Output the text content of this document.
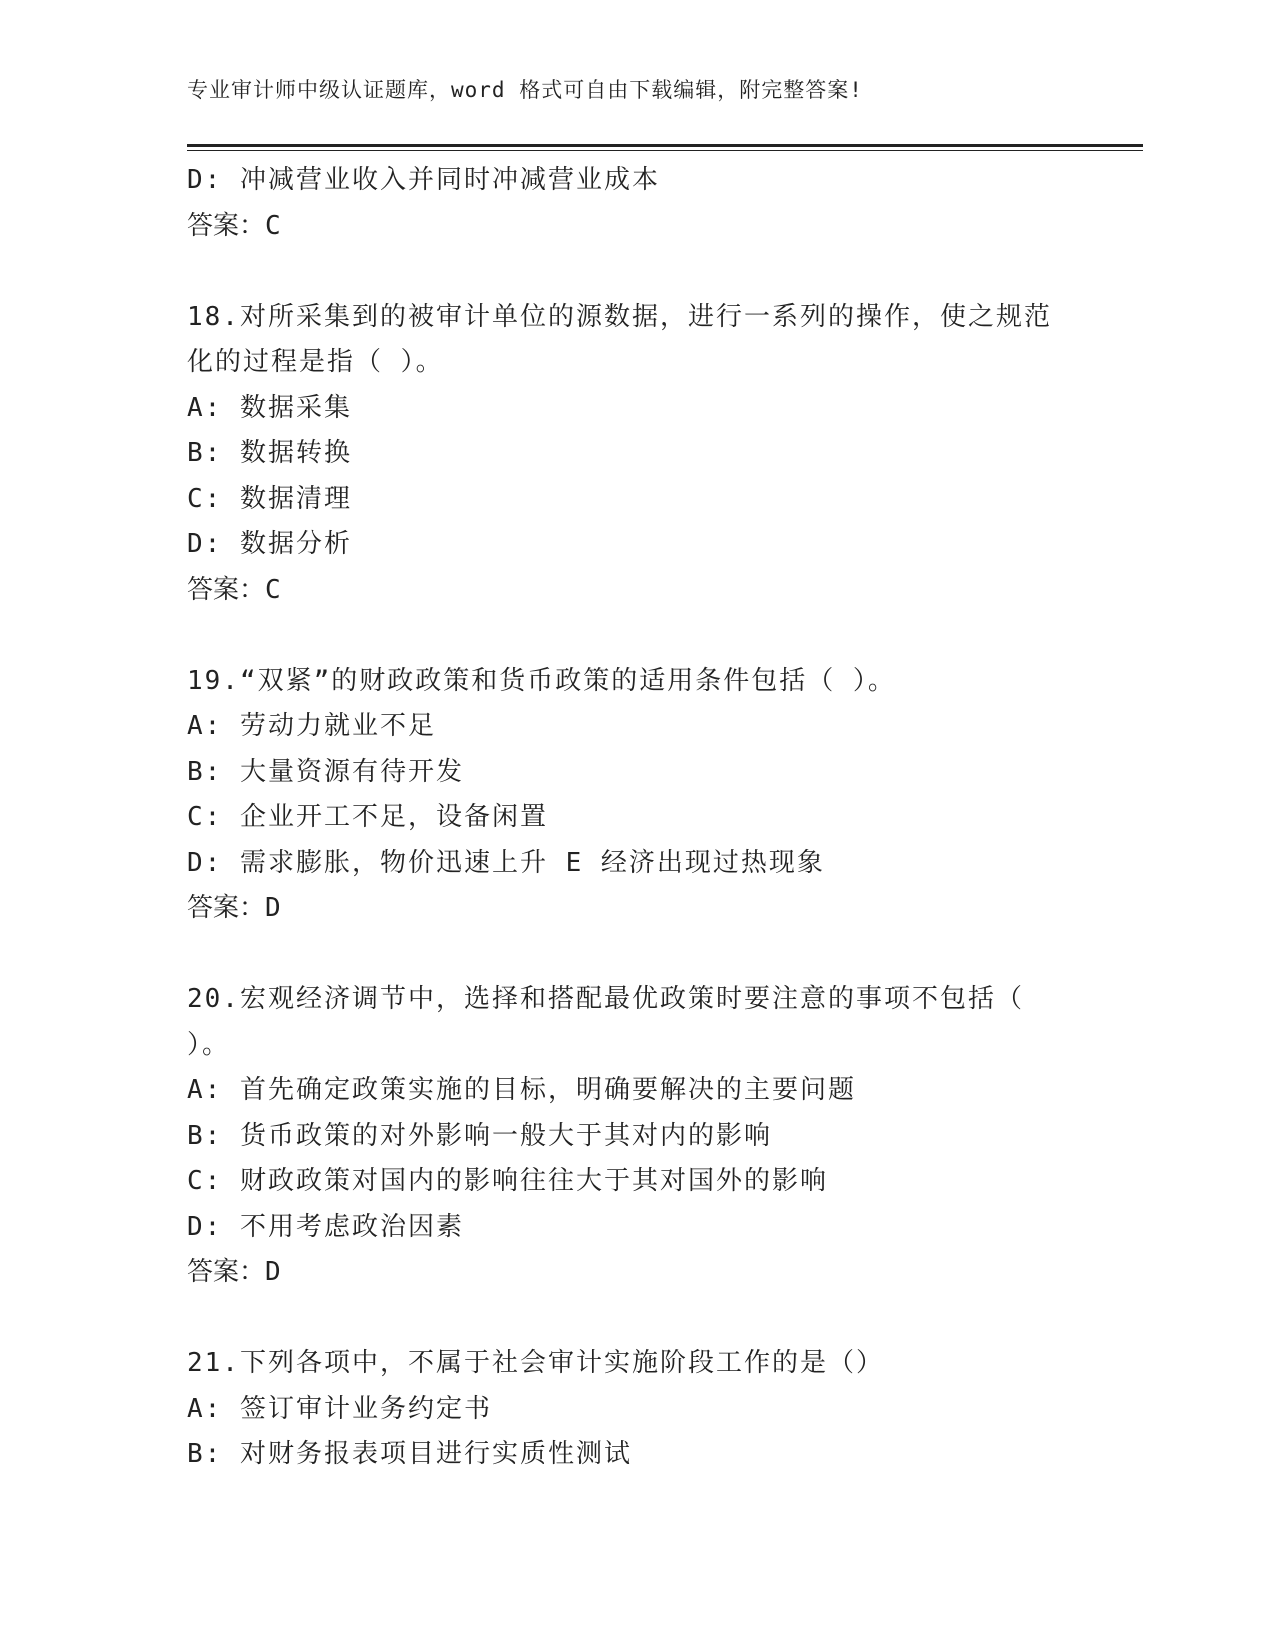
专业审计师中级认证题库，word 格式可自由下载编辑，附完整答案!
D: 冲减营业收入并同时冲减营业成本
答案：C
18.对所采集到的被审计单位的源数据，进行一系列的操作，使之规范
化的过程是指（ ）。
A: 数据采集
B: 数据转换
C: 数据清理
D: 数据分析
答案：C
19.“双紧”的财政政策和货币政策的适用条件包括（ ）。
A: 劳动力就业不足
B: 大量资源有待开发
C: 企业开工不足，设备闲置
D: 需求膨胀，物价迅速上升 E 经济出现过热现象
答案：D
20.宏观经济调节中，选择和搭配最优政策时要注意的事项不包括（
）。
A: 首先确定政策实施的目标，明确要解决的主要问题
B: 货币政策的对外影响一般大于其对内的影响
C: 财政政策对国内的影响往往大于其对国外的影响
D: 不用考虑政治因素
答案：D
21.下列各项中，不属于社会审计实施阶段工作的是（）
A: 签订审计业务约定书
B: 对财务报表项目进行实质性测试
